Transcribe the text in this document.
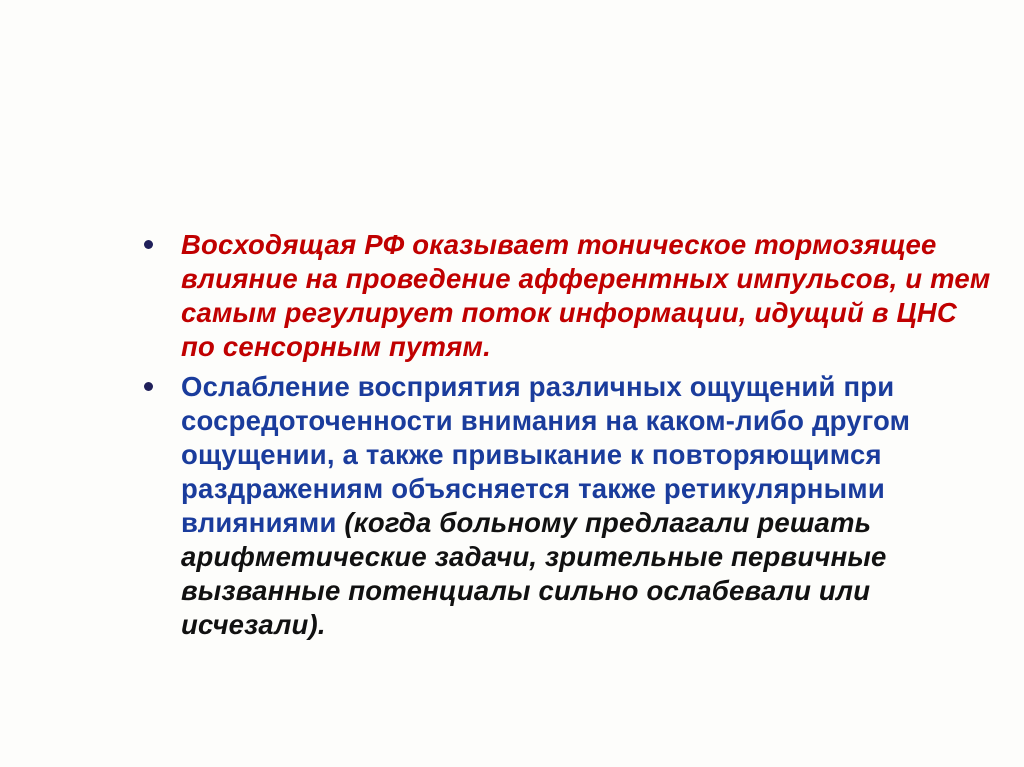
Восходящая РФ оказывает тоническое тормозящее влияние на проведение афферентных импульсов, и тем самым регулирует поток информации, идущий в ЦНС по сенсорным путям.
Ослабление восприятия различных ощущений при сосредоточенности внимания на каком-либо другом ощущении, а также привыкание к повторяющимся раздражениям объясняется также ретикулярными влияниями (когда больному предлагали решать арифметические задачи, зрительные первичные вызванные потенциалы сильно ослабевали или исчезали).
